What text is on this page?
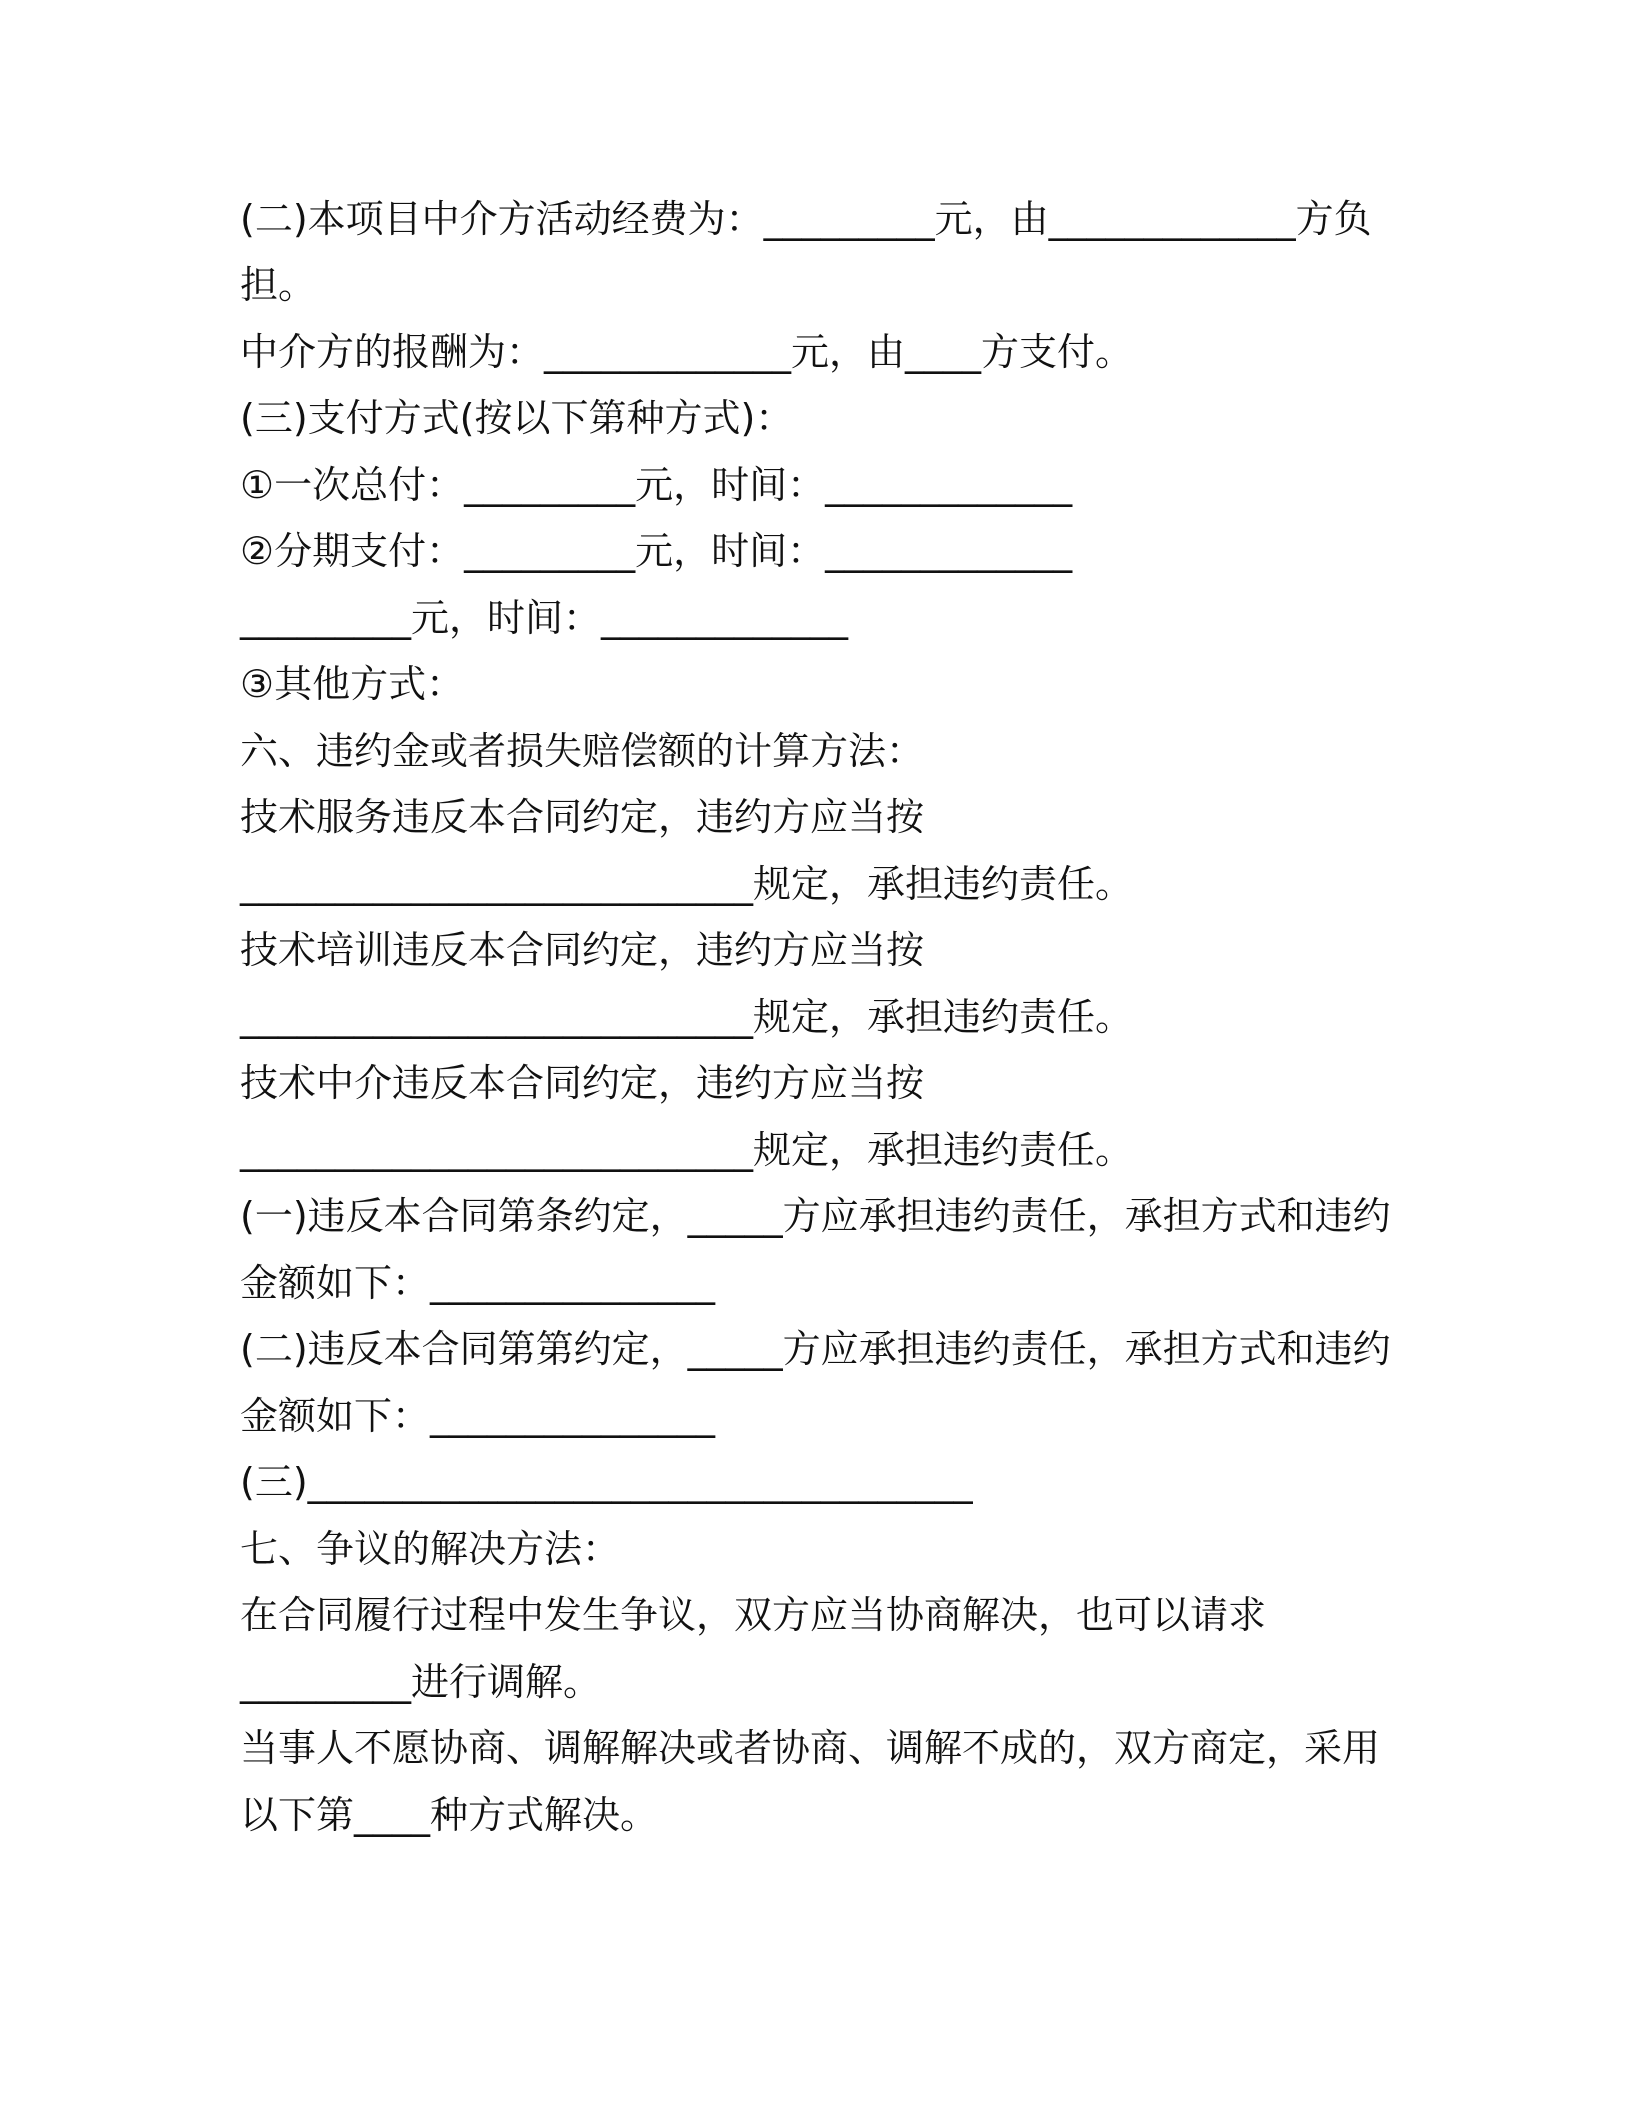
(二)本项目中介方活动经费为：_________元，由_____________方负
担。
中介方的报酬为：_____________元，由____方支付。
(三)支付方式(按以下第种方式)：
①一次总付：_________元，时间：_____________
②分期支付：_________元，时间：_____________
_________元，时间：_____________
③其他方式：
六、违约金或者损失赔偿额的计算方法：
技术服务违反本合同约定，违约方应当按
___________________________规定，承担违约责任。
技术培训违反本合同约定，违约方应当按
___________________________规定，承担违约责任。
技术中介违反本合同约定，违约方应当按
___________________________规定，承担违约责任。
(一)违反本合同第条约定，_____方应承担违约责任，承担方式和违约
金额如下：_______________
(二)违反本合同第第约定，_____方应承担违约责任，承担方式和违约
金额如下：_______________
(三)___________________________________
七、争议的解决方法：
在合同履行过程中发生争议，双方应当协商解决，也可以请求
_________进行调解。
当事人不愿协商、调解解决或者协商、调解不成的，双方商定，采用
以下第____种方式解决。
